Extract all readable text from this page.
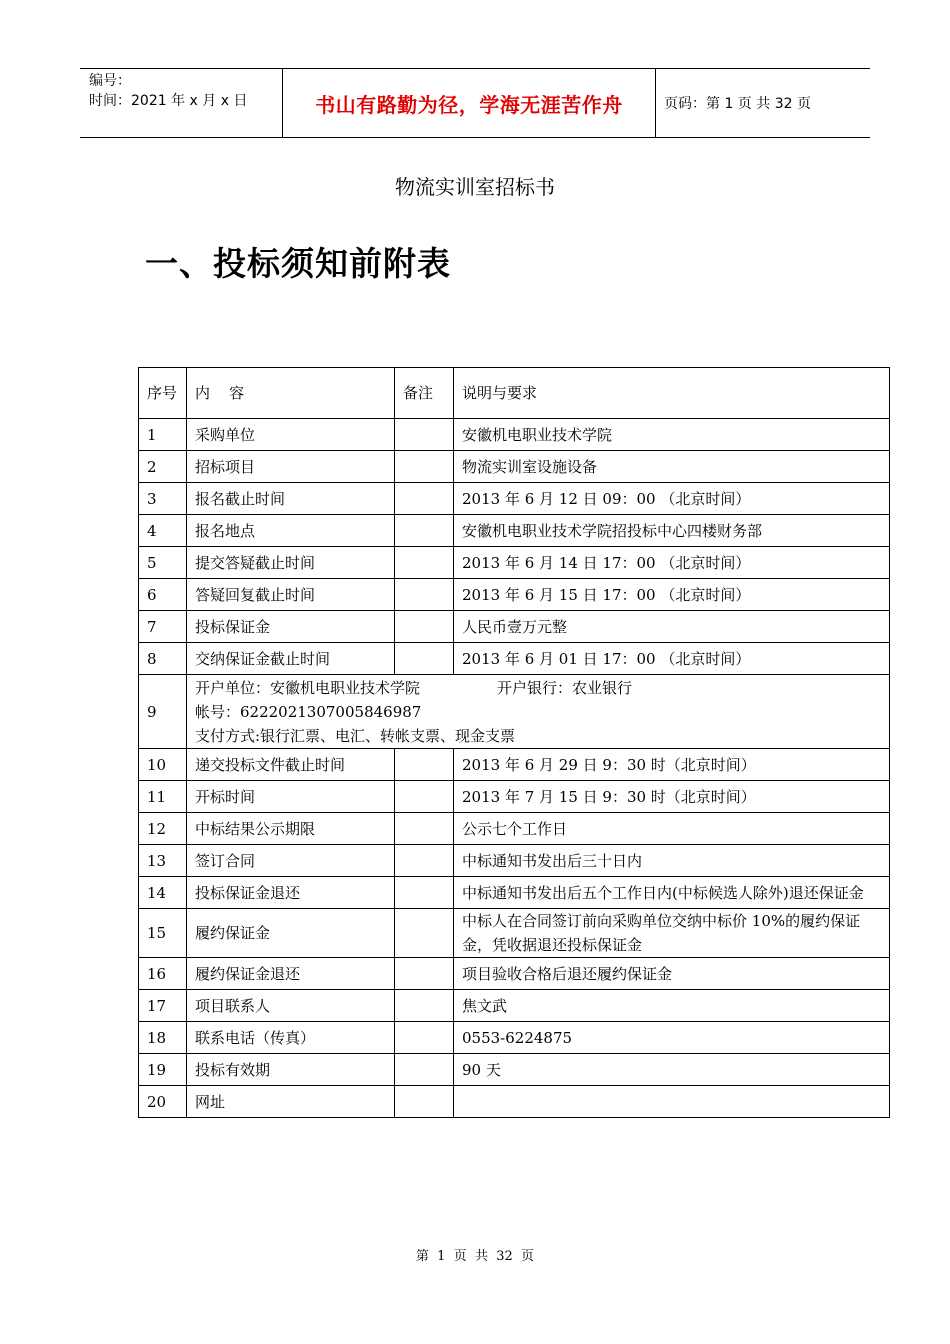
编号：
时间：2021 年 x 月 x 日	书山有路勤为径，学海无涯苦作舟	页码：第 1 页 共 32 页
物流实训室招标书
一、投标须知前附表
序号	内    容	备注	说明与要求
1	采购单位		安徽机电职业技术学院
2	招标项目		物流实训室设施设备
3	报名截止时间		2013 年 6 月 12 日 09：00 （北京时间）
4	报名地点		安徽机电职业技术学院招投标中心四楼财务部
5	提交答疑截止时间		2013 年 6 月 14 日 17：00 （北京时间）
6	答疑回复截止时间		2013 年 6 月 15 日 17：00 （北京时间）
7	投标保证金		人民币壹万元整
8	交纳保证金截止时间		2013 年 6 月 01 日 17：00 （北京时间）
9	开户单位：安徽机电职业技术学院 开户银行：农业银行
帐号：6222021307005846987
支付方式:银行汇票、电汇、转帐支票、现金支票		

10	递交投标文件截止时间		2013 年 6 月 29 日 9：30 时（北京时间）
11	开标时间		2013 年 7 月 15 日 9：30 时（北京时间）
12	中标结果公示期限		公示七个工作日
13	签订合同		中标通知书发出后三十日内
14	投标保证金退还		中标通知书发出后五个工作日内(中标候选人除外)退还保证金
15	履约保证金		中标人在合同签订前向采购单位交纳中标价 10%的履约保证金，凭收据退还投标保证金
16	履约保证金退还		项目验收合格后退还履约保证金
17	项目联系人		焦文武
18	联系电话（传真）		0553-6224875
19	投标有效期		90 天
20	网址		
第  1  页  共  32  页
